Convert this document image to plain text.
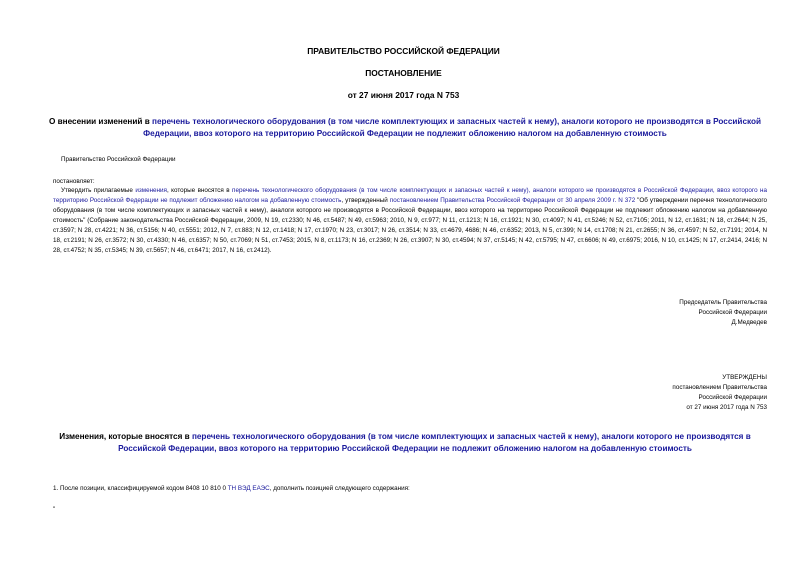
ПРАВИТЕЛЬСТВО РОССИЙСКОЙ ФЕДЕРАЦИИ
ПОСТАНОВЛЕНИЕ
от 27 июня 2017 года N 753
О внесении изменений в перечень технологического оборудования (в том числе комплектующих и запасных частей к нему), аналоги которого не производятся в Российской Федерации, ввоз которого на территорию Российской Федерации не подлежит обложению налогом на добавленную стоимость
Правительство Российской Федерации
постановляет:
Утвердить прилагаемые изменения, которые вносятся в перечень технологического оборудования (в том числе комплектующих и запасных частей к нему), аналоги которого не производятся в Российской Федерации, ввоз которого на территорию Российской Федерации не подлежит обложению налогом на добавленную стоимость, утвержденный постановлением Правительства Российской Федерации от 30 апреля 2009 г. N 372 "Об утверждении перечня технологического оборудования (в том числе комплектующих и запасных частей к нему), аналоги которого не производятся в Российской Федерации, ввоз которого на территорию Российской Федерации не подлежит обложению налогом на добавленную стоимость" (Собрание законодательства Российской Федерации, 2009, N 19, ст.2330; N 46, ст.5487; N 49, ст.5963; 2010, N 9, ст.977; N 11, ст.1213; N 16, ст.1921; N 30, ст.4097; N 41, ст.5246; N 52, ст.7105; 2011, N 12, ст.1631; N 18, ст.2644; N 25, ст.3597; N 28, ст.4221; N 36, ст.5156; N 40, ст.5551; 2012, N 7, ст.883; N 12, ст.1418; N 17, ст.1970; N 23, ст.3017; N 26, ст.3514; N 33, ст.4679, 4686; N 46, ст.6352; 2013, N 5, ст.399; N 14, ст.1708; N 21, ст.2655; N 36, ст.4597; N 52, ст.7191; 2014, N 18, ст.2191; N 26, ст.3572; N 30, ст.4330; N 46, ст.6357; N 50, ст.7069; N 51, ст.7453; 2015, N 8, ст.1173; N 16, ст.2369; N 26, ст.3907; N 30, ст.4594; N 37, ст.5145; N 42, ст.5795; N 47, ст.6606; N 49, ст.6975; 2016, N 10, ст.1425; N 17, ст.2414, 2416; N 28, ст.4752; N 35, ст.5345; N 39, ст.5657; N 46, ст.6471; 2017, N 16, ст.2412).
Председатель Правительства
Российской Федерации
Д.Медведев
УТВЕРЖДЕНЫ
постановлением Правительства
Российской Федерации
от 27 июня 2017 года N 753
Изменения, которые вносятся в перечень технологического оборудования (в том числе комплектующих и запасных частей к нему), аналоги которого не производятся в Российской Федерации, ввоз которого на территорию Российской Федерации не подлежит обложению налогом на добавленную стоимость
1. После позиции, классифицируемой кодом 8408 10 810 0 ТН ВЭД ЕАЭС, дополнить позицией следующего содержания:
"
